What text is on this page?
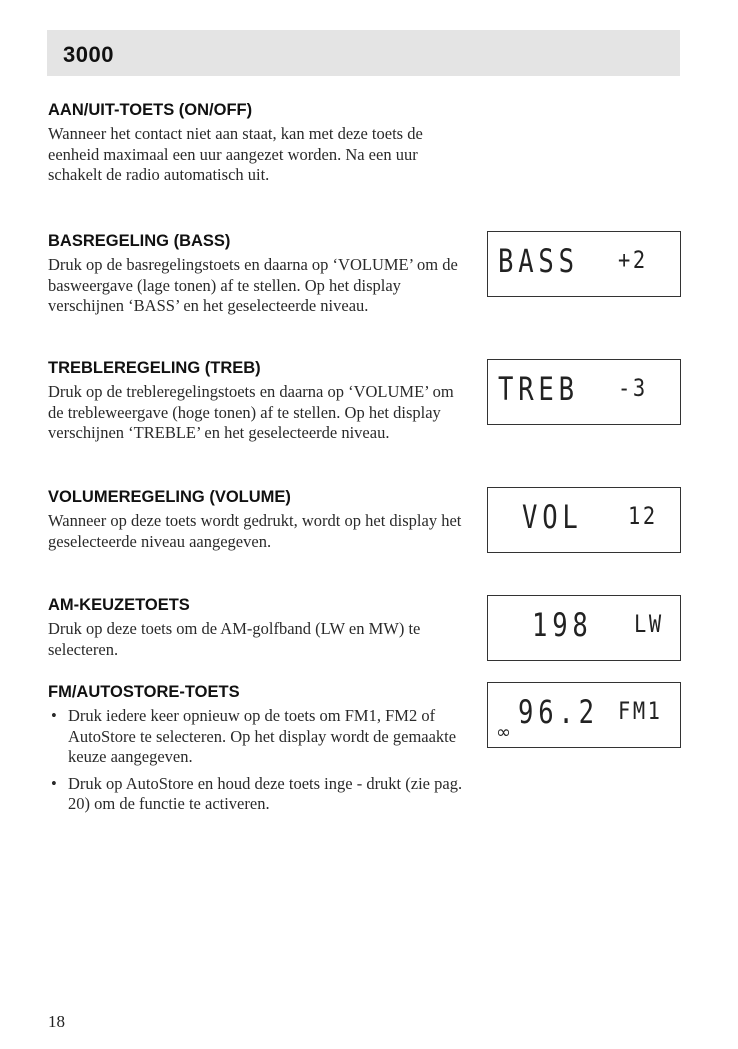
3000
AAN/UIT-TOETS (ON/OFF)

Wanneer het contact niet aan staat, kan met deze toets de eenheid maximaal een uur aangezet worden. Na een uur schakelt de radio automatisch uit.

BASREGELING (BASS)

Druk op de basregelingstoets en daarna op ‘VOLUME’ om de basweergave (lage tonen) af te stellen. Op het display verschijnen ‘BASS’ en het geselecteerde niveau.

TREBLEREGELING (TREB)

Druk op de trebleregelingstoets en daarna op ‘VOLUME’ om de trebleweergave (hoge tonen) af te stellen. Op het display verschijnen ‘TREBLE’ en het geselecteerde niveau.

VOLUMEREGELING (VOLUME)

Wanneer op deze toets wordt gedrukt, wordt op het display het geselecteerde niveau aangegeven.

AM-KEUZETOETS

Druk op deze toets om de AM-golfband (LW en MW) te selecteren.

FM/AUTOSTORE-TOETS
• Druk iedere keer opnieuw op de toets om FM1, FM2 of AutoStore te selecteren. Op het display wordt de gemaakte keuze aangegeven.
• Druk op AutoStore en houd deze toets inge - drukt (zie pag. 20) om de functie te activeren.
BASS +2
TREB -3
VOL 12
198 LW
96.2 FM1
∞
18
